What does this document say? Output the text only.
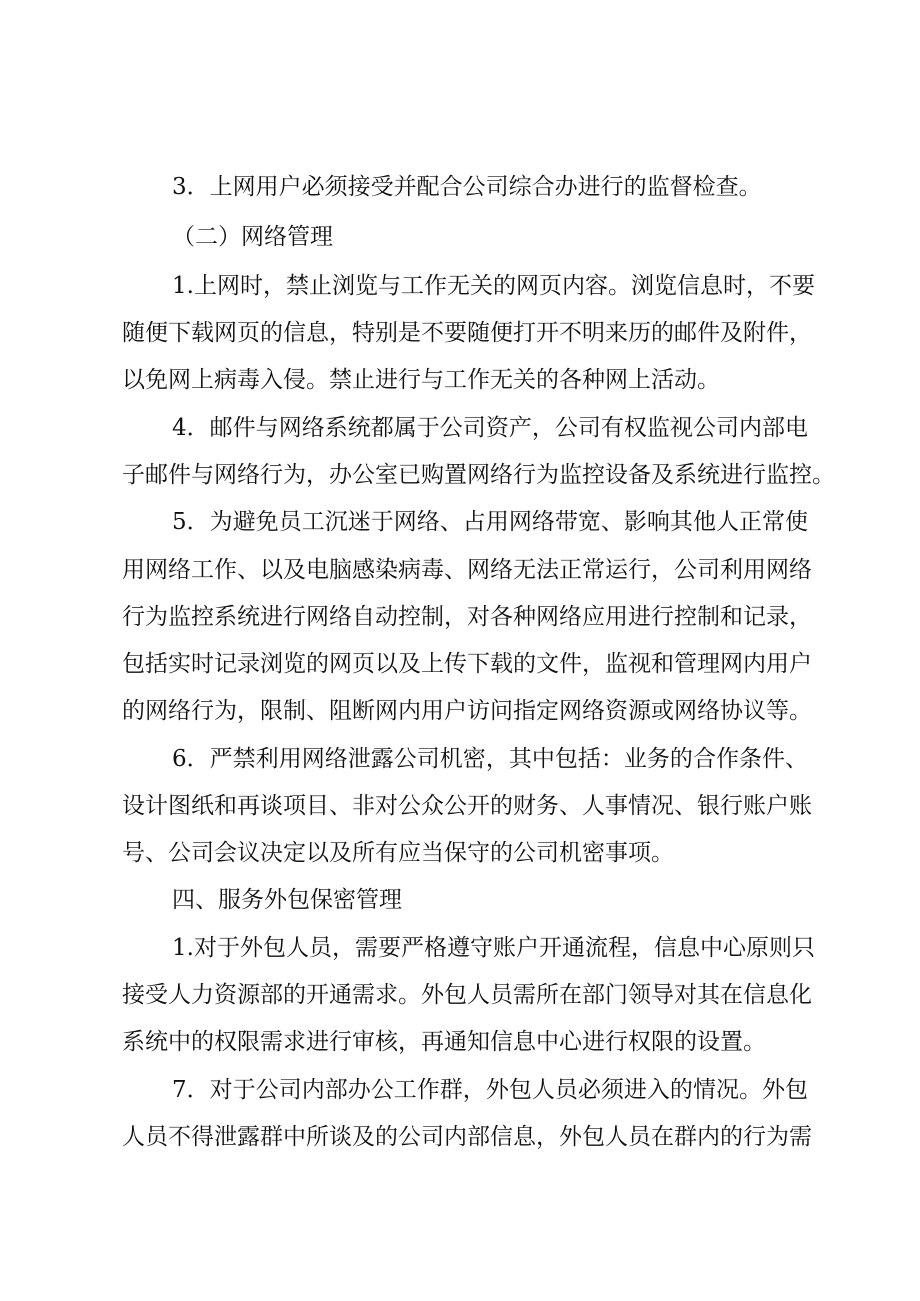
3．上网用户必须接受并配合公司综合办进行的监督检查。
（二）网络管理
1.上网时，禁止浏览与工作无关的网页内容。浏览信息时，不要
随便下载网页的信息，特别是不要随便打开不明来历的邮件及附件，
以免网上病毒入侵。禁止进行与工作无关的各种网上活动。
4．邮件与网络系统都属于公司资产，公司有权监视公司内部电
子邮件与网络行为，办公室已购置网络行为监控设备及系统进行监控。
5．为避免员工沉迷于网络、占用网络带宽、影响其他人正常使
用网络工作、以及电脑感染病毒、网络无法正常运行，公司利用网络
行为监控系统进行网络自动控制，对各种网络应用进行控制和记录，
包括实时记录浏览的网页以及上传下载的文件，监视和管理网内用户
的网络行为，限制、阻断网内用户访问指定网络资源或网络协议等。
6．严禁利用网络泄露公司机密，其中包括：业务的合作条件、
设计图纸和再谈项目、非对公众公开的财务、人事情况、银行账户账
号、公司会议决定以及所有应当保守的公司机密事项。
四、服务外包保密管理
1.对于外包人员，需要严格遵守账户开通流程，信息中心原则只
接受人力资源部的开通需求。外包人员需所在部门领导对其在信息化
系统中的权限需求进行审核，再通知信息中心进行权限的设置。
7．对于公司内部办公工作群，外包人员必须进入的情况。外包
人员不得泄露群中所谈及的公司内部信息，外包人员在群内的行为需
